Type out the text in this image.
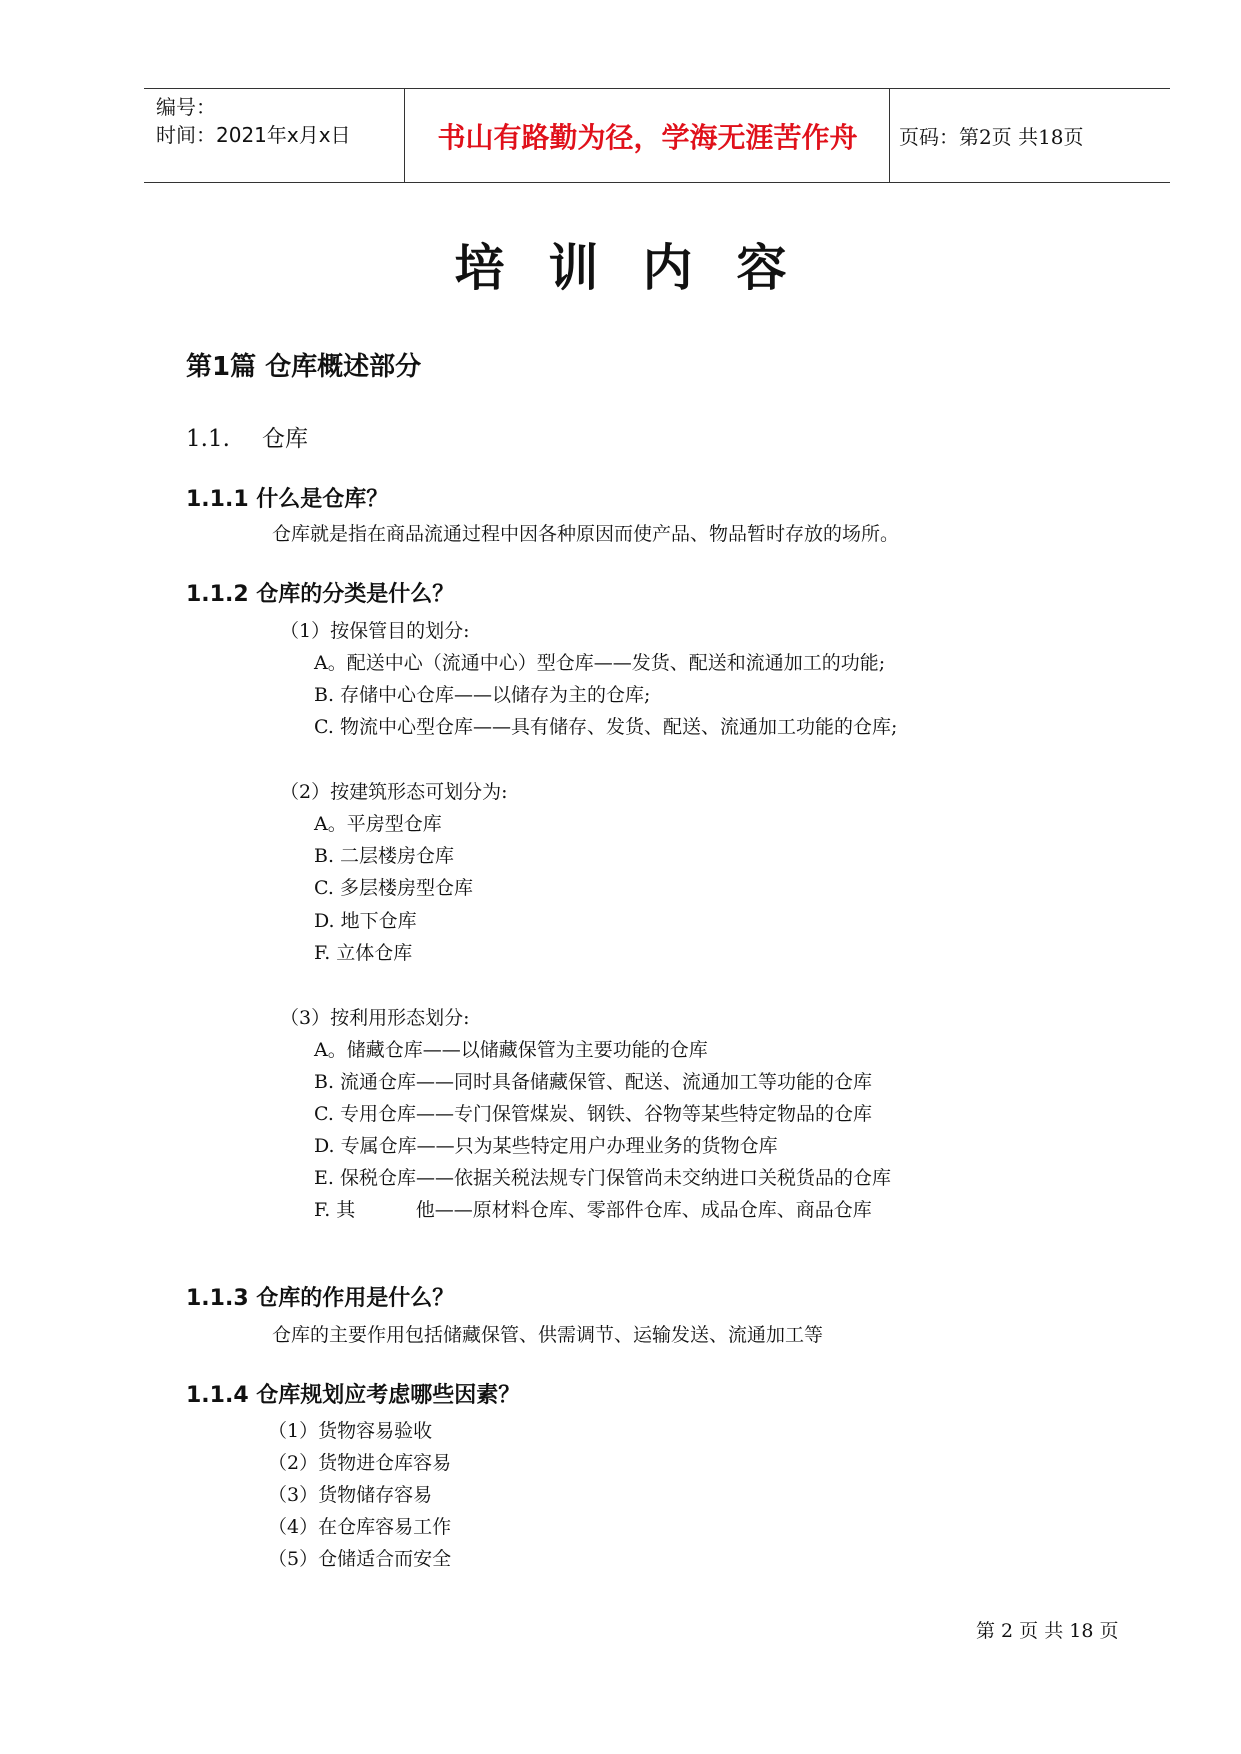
编号：
时间：2021年x月x日	书山有路勤为径，学海无涯苦作舟	页码：第2页 共18页
培训内容
第1篇 仓库概述部分
1.1. 仓库
1.1.1 什么是仓库？
仓库就是指在商品流通过程中因各种原因而使产品、物品暂时存放的场所。
1.1.2 仓库的分类是什么？
（1）按保管目的划分:
A。配送中心（流通中心）型仓库——发货、配送和流通加工的功能;
B. 存储中心仓库——以储存为主的仓库;
C. 物流中心型仓库——具有储存、发货、配送、流通加工功能的仓库;
（2）按建筑形态可划分为:
A。平房型仓库
B. 二层楼房仓库
C. 多层楼房型仓库
D. 地下仓库
F. 立体仓库
（3）按利用形态划分:
A。储藏仓库——以储藏保管为主要功能的仓库
B. 流通仓库——同时具备储藏保管、配送、流通加工等功能的仓库
C. 专用仓库——专门保管煤炭、钢铁、谷物等某些特定物品的仓库
D. 专属仓库——只为某些特定用户办理业务的货物仓库
E. 保税仓库——依据关税法规专门保管尚未交纳进口关税货品的仓库
F. 其          他——原材料仓库、零部件仓库、成品仓库、商品仓库
1.1.3 仓库的作用是什么？
仓库的主要作用包括储藏保管、供需调节、运输发送、流通加工等
1.1.4 仓库规划应考虑哪些因素？
（1）货物容易验收
（2）货物进仓库容易
（3）货物储存容易
（4）在仓库容易工作
（5）仓储适合而安全
第 2 页 共 18 页
